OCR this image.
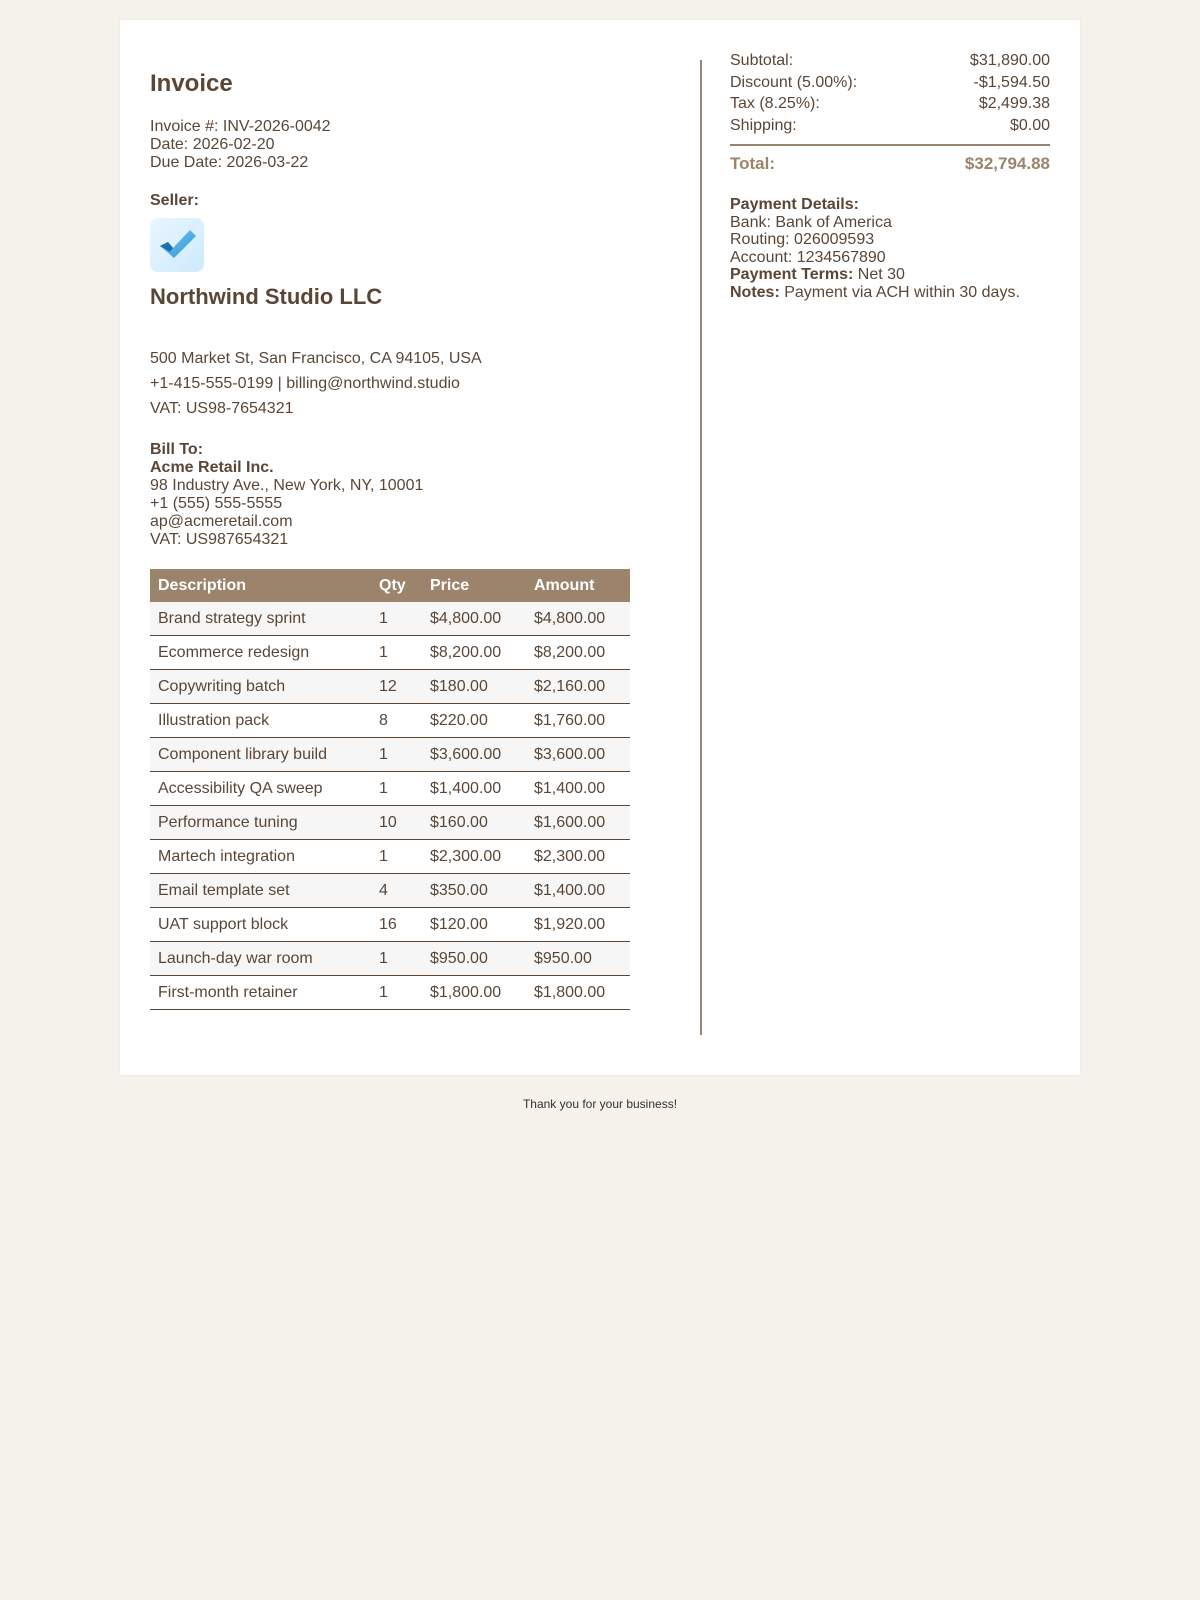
Invoice
Invoice #: INV-2026-0042
Date: 2026-02-20
Due Date: 2026-03-22
Seller:
Northwind Studio LLC
500 Market St, San Francisco, CA 94105, USA
+1-415-555-0199 | billing@northwind.studio
VAT: US98-7654321
Bill To:
Acme Retail Inc.
98 Industry Ave., New York, NY, 10001
+1 (555) 555-5555
ap@acmeretail.com
VAT: US987654321
Description	Qty	Price	Amount
Brand strategy sprint	1	$4,800.00	$4,800.00
Ecommerce redesign	1	$8,200.00	$8,200.00
Copywriting batch	12	$180.00	$2,160.00
Illustration pack	8	$220.00	$1,760.00
Component library build	1	$3,600.00	$3,600.00
Accessibility QA sweep	1	$1,400.00	$1,400.00
Performance tuning	10	$160.00	$1,600.00
Martech integration	1	$2,300.00	$2,300.00
Email template set	4	$350.00	$1,400.00
UAT support block	16	$120.00	$1,920.00
Launch-day war room	1	$950.00	$950.00
First-month retainer	1	$1,800.00	$1,800.00
Subtotal:	$31,890.00
Discount (5.00%):	-$1,594.50
Tax (8.25%):	$2,499.38
Shipping:	$0.00
Total:	$32,794.88
Payment Details:
Bank: Bank of America
Routing: 026009593
Account: 1234567890
Payment Terms: Net 30
Notes: Payment via ACH within 30 days.
Thank you for your business!
